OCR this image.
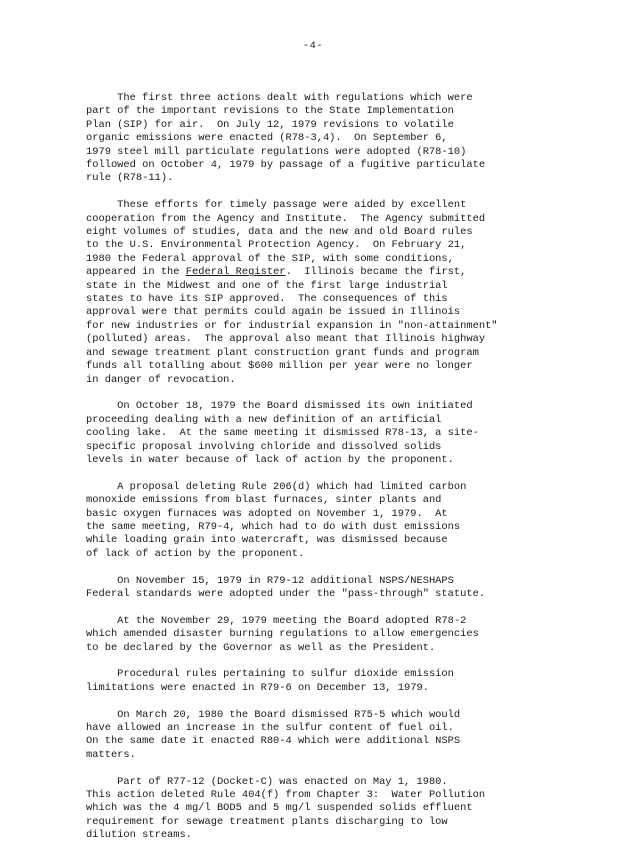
-4-

The first three actions dealt with regulations which were
part of the important revisions to the State Implementation
Plan (SIP) for air.  On July 12, 1979 revisions to volatile
organic emissions were enacted (R78-3,4).  On September 6,
1979 steel mill particulate regulations were adopted (R78-10)
followed on October 4, 1979 by passage of a fugitive particulate
rule (R78-11).

These efforts for timely passage were aided by excellent
cooperation from the Agency and Institute.  The Agency submitted
eight volumes of studies, data and the new and old Board rules
to the U.S. Environmental Protection Agency.  On February 21,
1980 the Federal approval of the SIP, with some conditions,
appeared in the Federal Register.  Illinois became the first,
state in the Midwest and one of the first large industrial
states to have its SIP approved.  The consequences of this
approval were that permits could again be issued in Illinois
for new industries or for industrial expansion in "non-attainment"
(polluted) areas.  The approval also meant that Illinois highway
and sewage treatment plant construction grant funds and program
funds all totalling about $600 million per year were no longer
in danger of revocation.

On October 18, 1979 the Board dismissed its own initiated
proceeding dealing with a new definition of an artificial
cooling lake.  At the same meeting it dismissed R78-13, a site-
specific proposal involving chloride and dissolved solids
levels in water because of lack of action by the proponent.

A proposal deleting Rule 206(d) which had limited carbon
monoxide emissions from blast furnaces, sinter plants and
basic oxygen furnaces was adopted on November 1, 1979.  At
the same meeting, R79-4, which had to do with dust emissions
while loading grain into watercraft, was dismissed because
of lack of action by the proponent.

On November 15, 1979 in R79-12 additional NSPS/NESHAPS
Federal standards were adopted under the "pass-through" statute.

At the November 29, 1979 meeting the Board adopted R78-2
which amended disaster burning regulations to allow emergencies
to be declared by the Governor as well as the President.

Procedural rules pertaining to sulfur dioxide emission
limitations were enacted in R79-6 on December 13, 1979.

On March 20, 1980 the Board dismissed R75-5 which would
have allowed an increase in the sulfur content of fuel oil.
On the same date it enacted R80-4 which were additional NSPS
matters.

Part of R77-12 (Docket-C) was enacted on May 1, 1980.
This action deleted Rule 404(f) from Chapter 3:  Water Pollution
which was the 4 mg/l BOD5 and 5 mg/l suspended solids effluent
requirement for sewage treatment plants discharging to low
dilution streams.
